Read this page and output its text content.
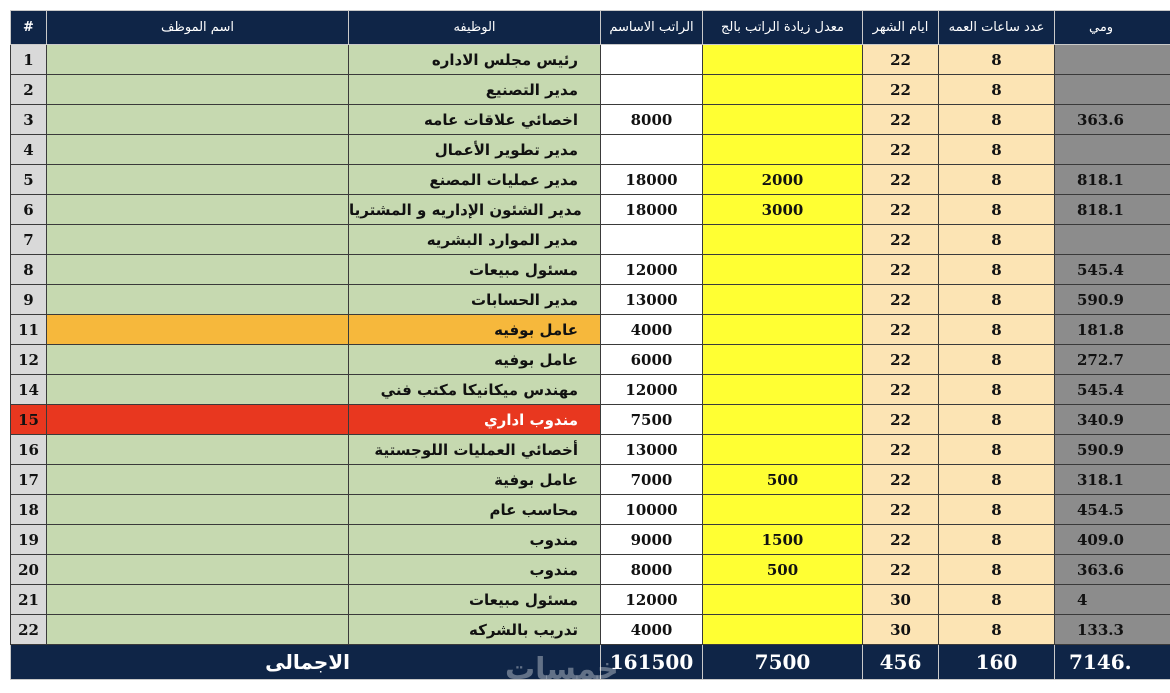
#	اسم الموظف	الوظيفه	الراتب الاساسم	معدل زيادة الراتب بالج	ايام الشهر	عدد ساعات العمه	ومي
1		رئيس مجلس الاداره			22	8	
2		مدير التصنيع			22	8	
3		اخصائي علاقات عامه	8000		22	8	363.6
4		مدير تطوير الأعمال			22	8	
5		مدير عمليات المصنع	18000	2000	22	8	818.1
6		مدير الشئون الإداريه و المشتريا	18000	3000	22	8	818.1
7		مدير الموارد البشريه			22	8	
8		مسئول مبيعات	12000		22	8	545.4
9		مدير الحسابات	13000		22	8	590.9
11		عامل بوفيه	4000		22	8	181.8
12		عامل بوفيه	6000		22	8	272.7
14		مهندس ميكانيكا مكتب فني	12000		22	8	545.4
15		مندوب اداري	7500		22	8	340.9
16		أخصائي العمليات اللوجستية	13000		22	8	590.9
17		عامل بوفية	7000	500	22	8	318.1
18		محاسب عام	10000		22	8	454.5
19		مندوب	9000	1500	22	8	409.0
20		مندوب	8000	500	22	8	363.6
21		مسئول مبيعات	12000		30	8	4
22		تدريب بالشركه	4000		30	8	133.3
الاجمالى			161500	7500	456	160	7146.
خمسات
